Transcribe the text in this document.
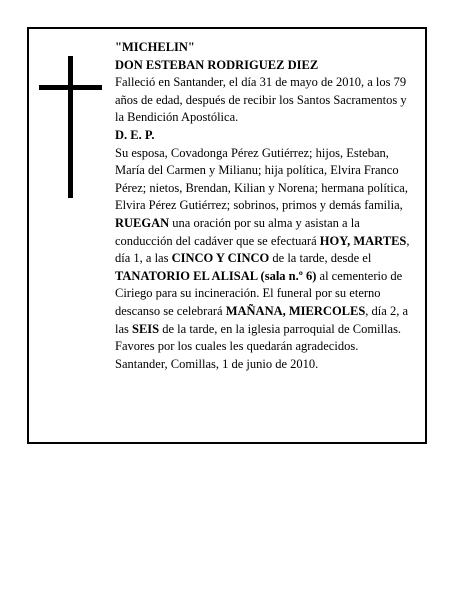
"MICHELIN"

DON ESTEBAN RODRIGUEZ DIEZ

Falleció en Santander, el día 31 de mayo de 2010, a los 79 años de edad, después de recibir los Santos Sacramentos y la Bendición Apostólica.

D. E. P.

Su esposa, Covadonga Pérez Gutiérrez; hijos, Esteban, María del Carmen y Milianu; hija política, Elvira Franco Pérez; nietos, Brendan, Kilian y Norena; hermana política, Elvira Pérez Gutiérrez; sobrinos, primos y demás familia,

RUEGAN una oración por su alma y asistan a la conducción del cadáver que se efectuará HOY, MARTES, día 1, a las CINCO Y CINCO de la tarde, desde el TANATORIO EL ALISAL (sala n.º 6) al cementerio de Ciriego para su incineración. El funeral por su eterno descanso se celebrará MAÑANA, MIERCOLES, día 2, a las SEIS de la tarde, en la iglesia parroquial de Comillas. Favores por los cuales les quedarán agradecidos.

Santander, Comillas, 1 de junio de 2010.
